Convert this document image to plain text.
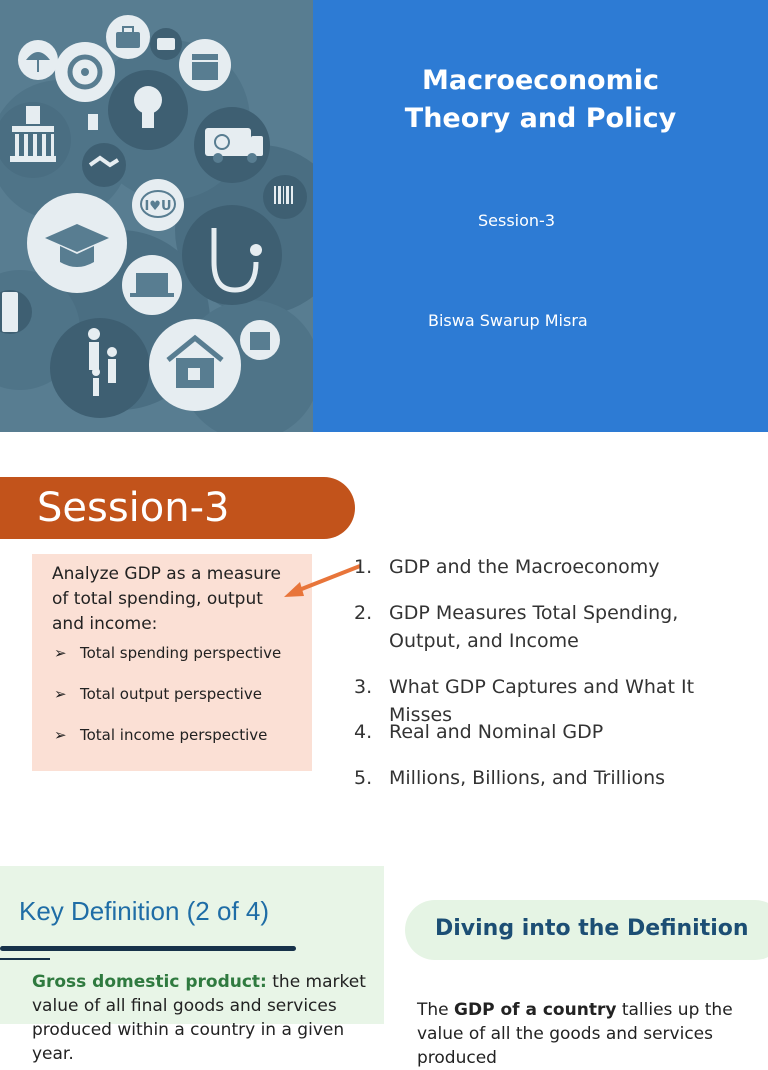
I♥U
Macroeconomic
Theory and Policy
Session-3
Biswa Swarup Misra
Session-3
Analyze GDP as a measure of total spending, output and income:
➢ Total spending perspective
➢ Total output perspective
➢ Total income perspective
1. GDP and the Macroeconomy
2. GDP Measures Total Spending, Output, and Income
3. What GDP Captures and What It Misses
4. Real and Nominal GDP
5. Millions, Billions, and Trillions
Key Definition (2 of 4)
Gross domestic product: the market value of all final goods and services produced within a country in a given year.
Diving into the Definition
The GDP of a country tallies up the value of all the goods and services produced
